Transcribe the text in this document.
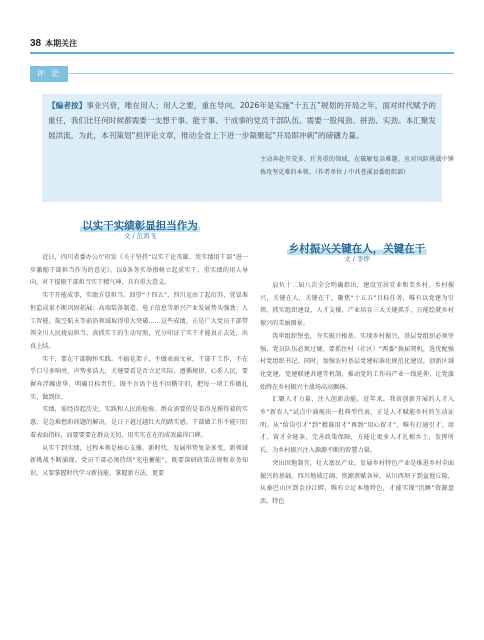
38 本期关注
评 论
【编者按】事业兴衰，唯在用人；用人之要，重在导向。2026年是实施“十五五”规划的开局之年，面对时代赋予的重任，我们比任何时候都需要一支想干事、能干事、干成事的党员干部队伍。需要一股闯劲、拼劲、实劲。本汇聚发展洪流，为此，本刊策划“担评论文章，推动全省上下进一步凝聚起“开局即冲刺”的磅礴力量。
以实干实绩彰显担当作为
文 / 范鸿飞

近日，四川省委办公厅印发《关于坚持“以实干论英雄、凭实绩用干部”进一步激励干部担当作为的意见》，以9条务实举措树立起重实干、重实绩的用人导向，对干提振干部担当实干精气神、具有重大意义。

实干开能成事，实绩方显担当。回望“十四五”，四川克由了起衍苏，凭冒准恒监成果不断巩固拓展；高端装备制造、电子信息等新兴产业发展势头强劲；人工智能、航空航天等前沿领域取得重大突破……这些成绩，正是广大党员干部带领全川人民拢肩担当、真抓实干的生动写照，充分印证了实干才能真正去处，出真上结。

实干，要在干部胸怀实践。不搞花架子，不做表面文章，干部干工作，不在乎口号多响亮，声势多浩大，关键要看是否立足实际，遵循规律，心系人民，要摒弃浮躁虚华、明确目标责任，既不言语个也不因循守旧，把每一项工作做扎实、做到位。

实绩，需经得起历史、实践和人民的检验。群众需要的是看得见摸得着的实惠，是急难愁盼问题的解决，是日子越过越红火的踏实感。干部做工作不能只盯着表面指标，而要要要在群众关切，用实实在在的成效赢得口碑。

从实干到实绩，过程本领是核心支撑。新时代，发展形势复杂多变，新领域新挑战不断涌现，党员干部必须持续“充电蓄能”，既要深研政策法规和业务知识，又要掌握时代学习新技能，掌握新方法，更要

主动奔赴开荒多、任务重的领域，在破解复杂难题、应对风险挑战中锤炼攻坚克难的本领。（作者单位 / 中共苍溪县委组织部）

乡村振兴关键在人，关键在干
文 / 李烨

肩负十二届八次全会明确指出，建设宜居宜业和美乡村。乡村振兴，关键在人，关键在干。聚焦“十五五”目标任务，唯有以党建为引领，抓实组织建设、人才支撑、产业培育三大关键抓手，方能绘就乡村振兴的美丽图景。

筑牢组织堡垒，夯实振兴根基。实现乡村振兴，基层党组织必须坚强，党员队伍必须过硬。要抓住村（社区）“两委”换届契机，选优配强村党组织书记。同时，加强农村基层党建标准化规范化建设，创新区域化党建，党建联建共建等机制，推动党的工作向产业一线延伸，让党旗始终在乡村振兴主战场高高飘扬。

汇聚人才力量，注入创新动能。近年来，我省创新开展的人才入乡“新农人”试点中涌现出一批典型代表，正是人才赋能乡村的生动证明。从“给岗引才”到“精准用才”再到“用心留才”，唯有打通引才、用才、留才全链条，完善政策保障，方能让更多人才扎根乡土，发挥所长，为乡村振兴注入源源不断的智慧力量。

突出因地制宜，壮大富民产业。发展乡村特色产业是推进乡村全面振兴的基础。四川地域辽阔、资源禀赋各异，从川西坝子到盆地丘陵，从秦巴山区到金沙江畔，唯有立足本地特色，才能实现“沉睡”资源盘活。特色
